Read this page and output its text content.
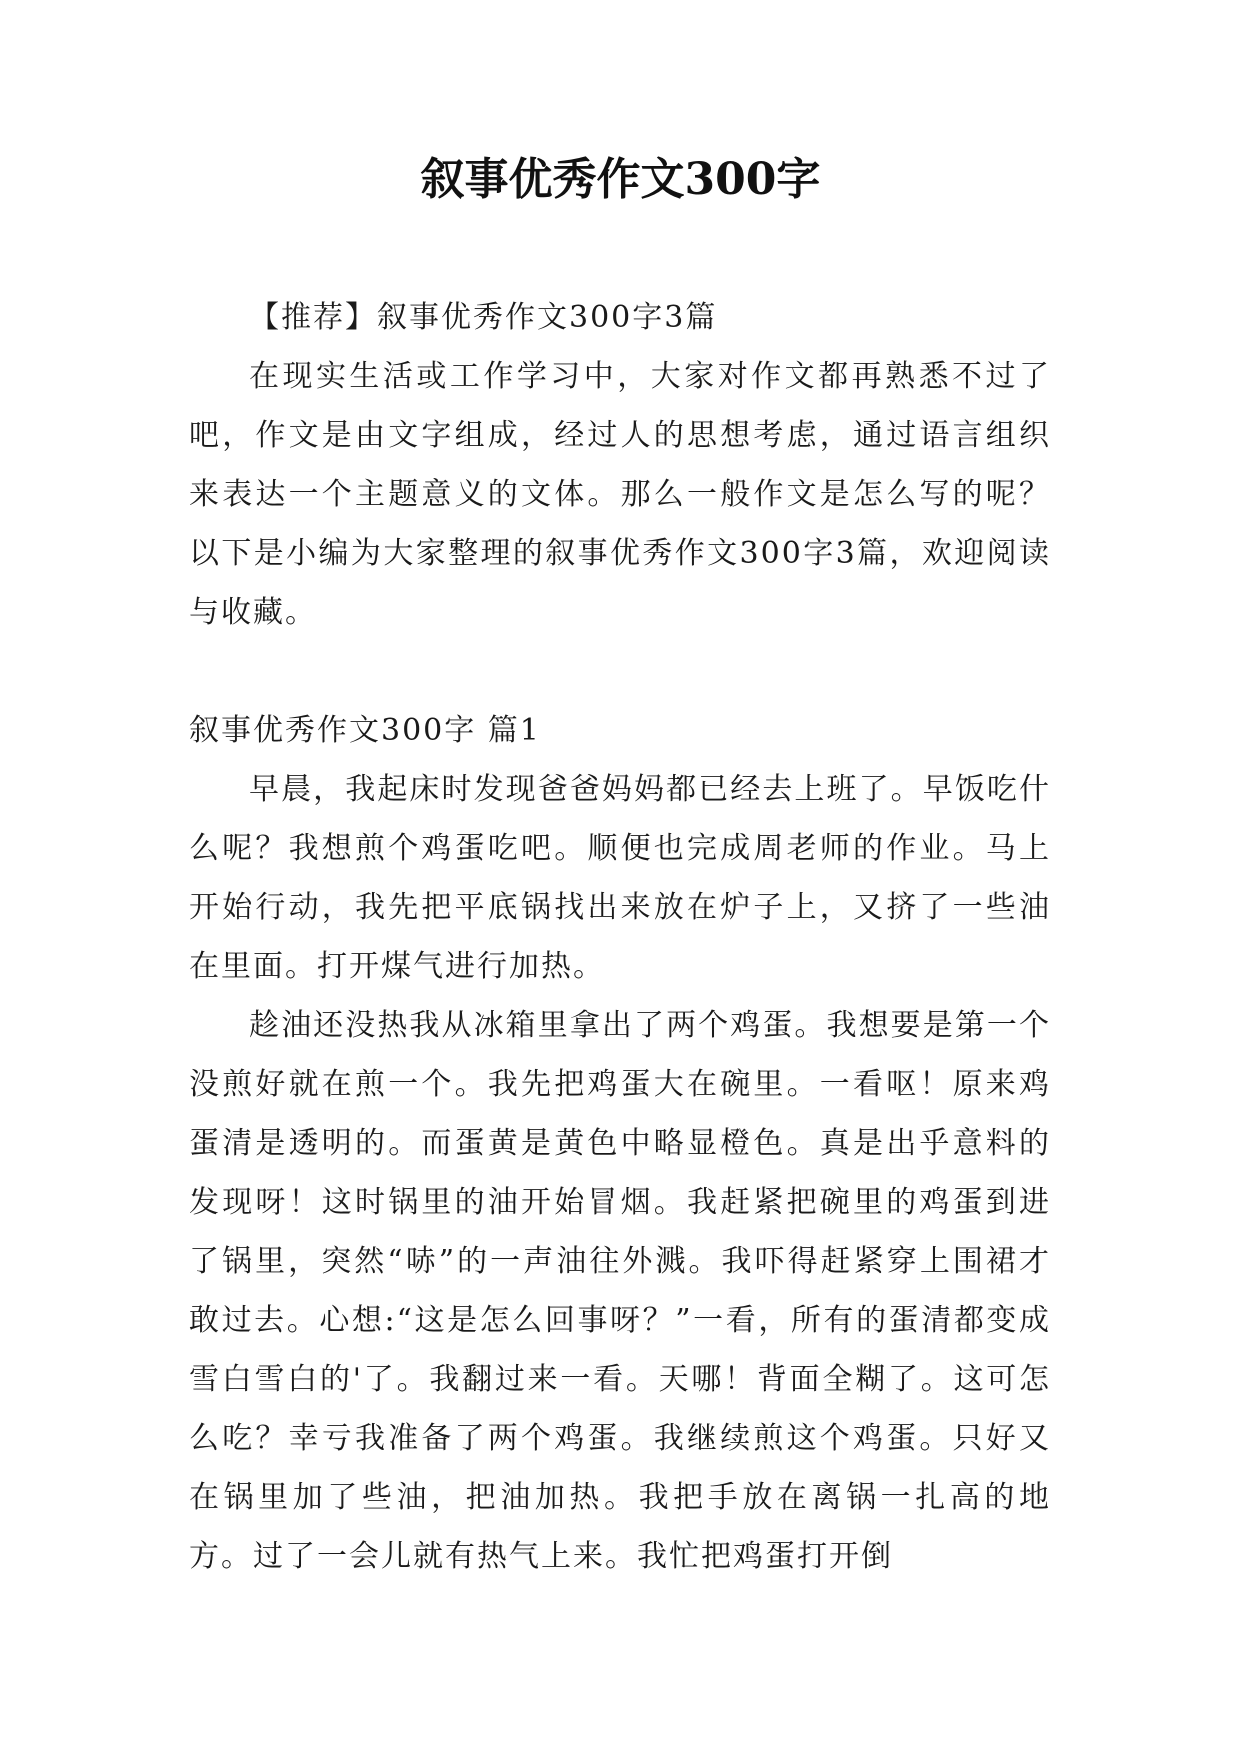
叙事优秀作文300字

【推荐】叙事优秀作文300字3篇

在现实生活或工作学习中，大家对作文都再熟悉不过了吧，作文是由文字组成，经过人的思想考虑，通过语言组织来表达一个主题意义的文体。那么一般作文是怎么写的呢？以下是小编为大家整理的叙事优秀作文300字3篇，欢迎阅读与收藏。

叙事优秀作文300字 篇1

早晨，我起床时发现爸爸妈妈都已经去上班了。早饭吃什么呢？我想煎个鸡蛋吃吧。顺便也完成周老师的作业。马上开始行动，我先把平底锅找出来放在炉子上，又挤了一些油在里面。打开煤气进行加热。

趁油还没热我从冰箱里拿出了两个鸡蛋。我想要是第一个没煎好就在煎一个。我先把鸡蛋大在碗里。一看呕！原来鸡蛋清是透明的。而蛋黄是黄色中略显橙色。真是出乎意料的发现呀！这时锅里的油开始冒烟。我赶紧把碗里的鸡蛋到进了锅里，突然“哧”的一声油往外溅。我吓得赶紧穿上围裙才敢过去。心想:“这是怎么回事呀？”一看，所有的蛋清都变成雪白雪白的'了。我翻过来一看。天哪！背面全糊了。这可怎么吃？幸亏我准备了两个鸡蛋。我继续煎这个鸡蛋。只好又在锅里加了些油，把油加热。我把手放在离锅一扎高的地方。过了一会儿就有热气上来。我忙把鸡蛋打开倒
